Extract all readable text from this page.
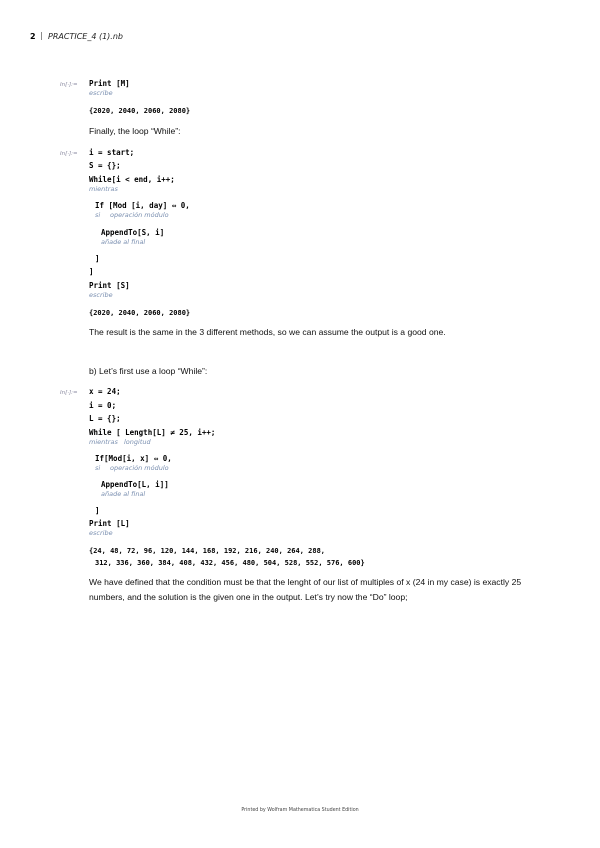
2 | PRACTICE_4 (1).nb
In[·]:= Print [M]
escribe
{2020, 2040, 2060, 2080}
Finally, the loop “While”:
In[·]:= i = start;
S = {};
While[i < end, i++;
mientras
If [Mod [i, day] ⇔ 0,
si operación módulo
AppendTo[S, i]
añade al final
]
]
Print [S]
escribe
{2020, 2040, 2060, 2080}
The result is the same in the 3 different methods, so we can assume the output is a good one.
b) Let’s first use a loop “While”:
In[·]:= x = 24;
i = 0;
L = {};
While [ Length[L] ≠ 25, i++;
mientras longitud
If[Mod[i, x] ⇔ 0,
si operación módulo
AppendTo[L, i]]
añade al final
]
Print [L]
escribe
{24, 48, 72, 96, 120, 144, 168, 192, 216, 240, 264, 288,
312, 336, 360, 384, 408, 432, 456, 480, 504, 528, 552, 576, 600}
We have defined that the condition must be that the lenght of our list of multiples of x (24 in my case) is exactly 25 numbers, and the solution is the given one in the output. Let’s try now the “Do” loop;
Printed by Wolfram Mathematica Student Edition
